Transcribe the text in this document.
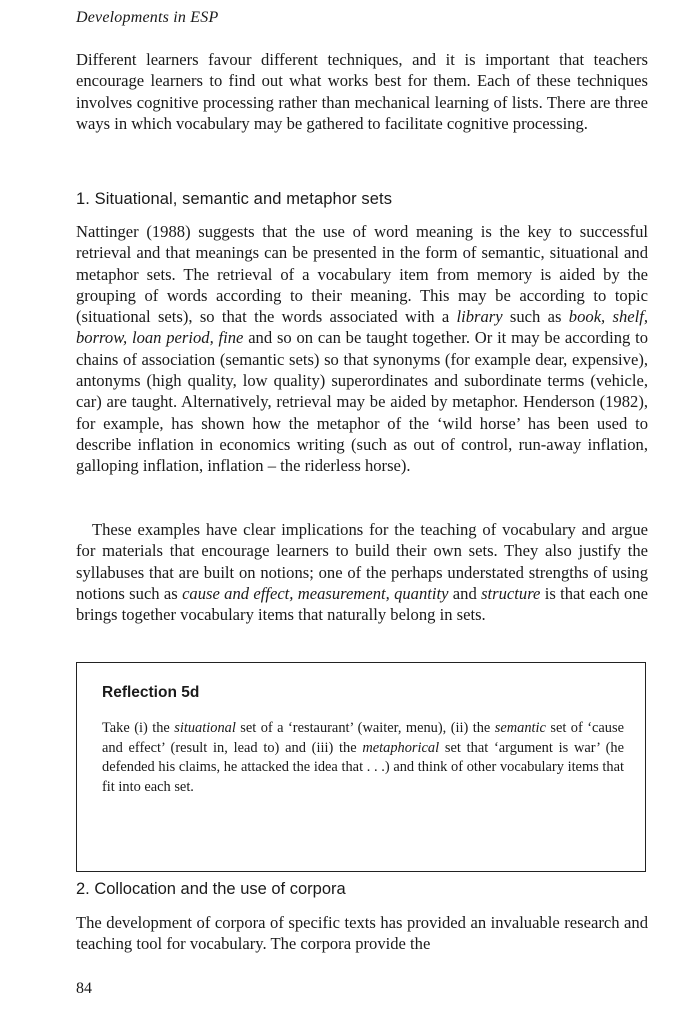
Developments in ESP

Different learners favour different techniques, and it is important that teachers encourage learners to find out what works best for them. Each of these techniques involves cognitive processing rather than mechanical learning of lists. There are three ways in which vocabulary may be gathered to facilitate cognitive processing.

1. Situational, semantic and metaphor sets

Nattinger (1988) suggests that the use of word meaning is the key to successful retrieval and that meanings can be presented in the form of semantic, situational and metaphor sets. The retrieval of a vocabulary item from memory is aided by the grouping of words according to their meaning. This may be according to topic (situational sets), so that the words associated with a library such as book, shelf, borrow, loan period, fine and so on can be taught together. Or it may be according to chains of association (semantic sets) so that synonyms (for example dear, expensive), antonyms (high quality, low quality) superordinates and subordinate terms (vehicle, car) are taught. Alternatively, retrieval may be aided by metaphor. Henderson (1982), for example, has shown how the metaphor of the ‘wild horse’ has been used to describe inflation in economics writing (such as out of control, run-away inflation, galloping inflation, inflation – the riderless horse).

These examples have clear implications for the teaching of vocabulary and argue for materials that encourage learners to build their own sets. They also justify the syllabuses that are built on notions; one of the perhaps understated strengths of using notions such as cause and effect, measurement, quantity and structure is that each one brings together vocabulary items that naturally belong in sets.

Reflection 5d

Take (i) the situational set of a ‘restaurant’ (waiter, menu), (ii) the semantic set of ‘cause and effect’ (result in, lead to) and (iii) the metaphorical set that ‘argument is war’ (he defended his claims, he attacked the idea that . . .) and think of other vocabulary items that fit into each set.

2. Collocation and the use of corpora

The development of corpora of specific texts has provided an invaluable research and teaching tool for vocabulary. The corpora provide the

84
